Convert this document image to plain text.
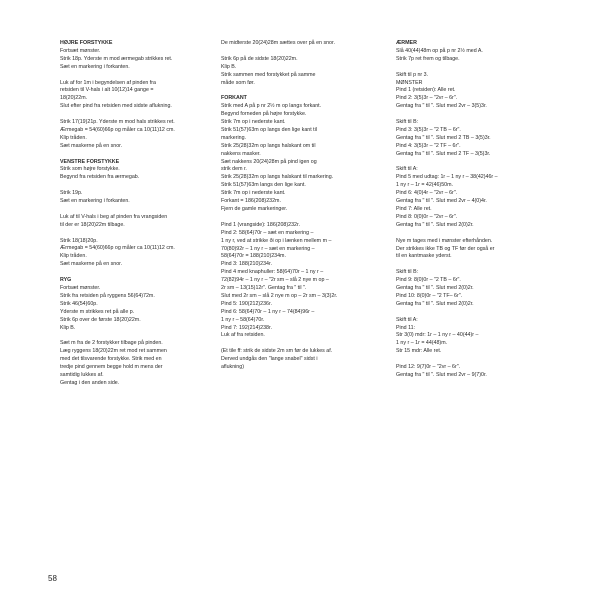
HØJRE FORSTYKKE
Fortsæt mønster.
Strik 18p. Yderste m mod ærmegab strikkes ret.
Sæt en markering i forkanten.
Luk af for 1m i begyndelsen af pinden fra
retsiden til V-hals i alt 10(12)14 gange =
18(20)22m.
Slut efter pind fra retsiden med sidste aflukning.
Strik 17(19)21p. Yderste m mod hals strikkes ret.
Ærmegab = 54(60)66p og måler ca 10(11)12 cm.
Klip tråden.
Sæt maskerne på en snor.
VENSTRE FORSTYKKE
Strik som højre forstykke.
Begynd fra retsiden fra ærmegab.
Strik 19p.
Sæt en markering i forkanten.
Luk af til V-hals i beg af pinden fra vrangsiden
til der er 18(20)22m tilbage.
Strik 18(18)20p.
Ærmegab = 54(60)66p og måler ca 10(11)12 cm.
Klip tråden.
Sæt maskerne på en snor.
RYG
Fortsæt mønster.
Strik fra retsiden på ryggens 56(64)72m.
Strik 46(54)60p.
Yderste m strikkes ret på alle p.
Strik 6p over de første 18(20)22m.
Klip B.
Sæt m fra de 2 forstykker tilbage på pinden.
Læg ryggens 18(20)22m ret mod ret sammen
med det tilsvarende forstykke. Strik med en
tredje pind gennem begge hold m mens der
samtidig lukkes af.
Gentag i den anden side.
De midterste 20(24)28m sættes over på en snor.
Strik 6p på de sidste 18(20)22m.
Klip B.
Strik sammen med forstykket på samme
måde som før.
FORKANT
Strik med A på p nr 2½ m op langs forkant.
Begynd forneden på højre forstykke.
Strik 7m op i nederste kant.
Strik 51(57)63m op langs den lige kant til
markering.
Strik 25(28)32m op langs halskant om til
nakkens masker.
Sæt nakkens 20(24)28m på pind igen og
strik dem r.
Strik 25(28)32m op langs halskant til markering.
Strik 51(57)63m langs den lige kant.
Strik 7m op i nederste kant.
Forkant = 186(208)232m.
Fjern de gamle markeringer.
Pind 1 (vrangside): 186(208)232r.
Pind 2: 58(64)70r – sæt en markering –
1 ny r, ved at strikke ði op i lænken mellem m –
70(80)92r – 1 ny r – sæt en markering –
58(64)70r = 188(210)234m.
Pind 3: 188(210)234r.
Pind 4 med knaphuller: 58(64)70r – 1 ny r –
72(82)94r – 1 ny r – "2r sm – slå 2 nye m op –
2r sm – 13(15)12r". Gentag fra " til ".
Slut med 2r sm – slå 2 nye m op – 2r sm – 3(3)2r.
Pind 5: 190(212)236r.
Pind 6: 58(64)70r – 1 ny r – 74(84)96r –
1 ny r – 58(64)70r.
Pind 7: 192(214)238r.
Luk af fra retsiden.
(Et tile ff: strik de sidste 2m sm før de lukkes af.
Derved undgås den "lange snabel" sidst i
aflukning)
ÆRMER
Slå 40(44)48m op på p nr 2½ med A.
Strik 7p ret frem og tilbage.
Skift til p nr 3.
MØNSTER
Pind 1 (retsiden): Alle ret.
Pind 2: 3(5)3r – "2vr – 6r".
Gentag fra " til ". Slut med 2vr – 3(5)3r.
Skift til B:
Pind 3: 3(5)3r – "2 TB – 6r".
Gentag fra " til ". Slut med 2 TB – 3(5)3r.
Pind 4: 3(5)3r – "2 TF – 6r".
Gentag fra " til ". Slut med 2 TF – 3(5)3r.
Skift til A:
Pind 5 med udtag: 1r – 1 ny r – 38(42)46r –
1 ny r – 1r = 42(46)50m.
Pind 6: 4(0)4r – "2vr – 6r".
Gentag fra " til ". Slut med 2vr – 4(0)4r.
Pind 7: Alle ret.
Pind 8: 0(0)0r – "2vr – 6r".
Gentag fra " til ". Slut med 2(0)2r.
Nye m tages med i mønster efterhånden.
Der strikkes ikke TB og TF før der også er
til en kantmaske yderst.
Skift til B:
Pind 9: 8(0)0r – "2 TB – 6r".
Gentag fra " til ". Slut med 2(0)2r.
Pind 10: 8(0)0r – "2 TF– 6r".
Gentag fra " til ". Slut med 2(0)2r.
Skift til A:
Pind 11:
Str 3(0) mdr: 1r – 1 ny r – 40(44)r –
1 ny r – 1r = 44(48)m.
Str 15 mdr: Alle ret.
Pind 12: 9(7)0r – "2vr – 6r".
Gentag fra " til ". Slut med 2vr – 9(7)0r.
58
